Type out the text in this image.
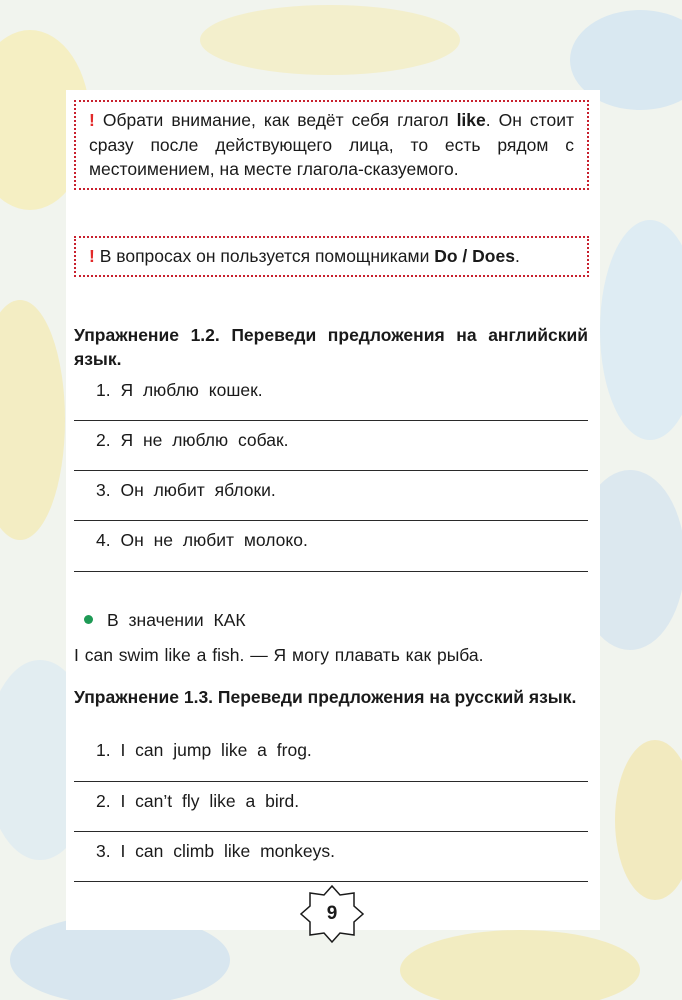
! Обрати внимание, как ведёт себя глагол like. Он стоит сразу после действующего лица, то есть рядом с местоимением, на месте глагола-сказуемого.
! В вопросах он пользуется помощниками Do / Does.
Упражнение 1.2. Переведи предложения на английский язык.
1. Я люблю кошек.
2. Я не люблю собак.
3. Он любит яблоки.
4. Он не любит молоко.
В значении КАК
I can swim like a fish. — Я могу плавать как рыба.
Упражнение 1.3. Переведи предложения на русский язык.
1. I can jump like a frog.
2. I can’t fly like a bird.
3. I can climb like monkeys.
9
